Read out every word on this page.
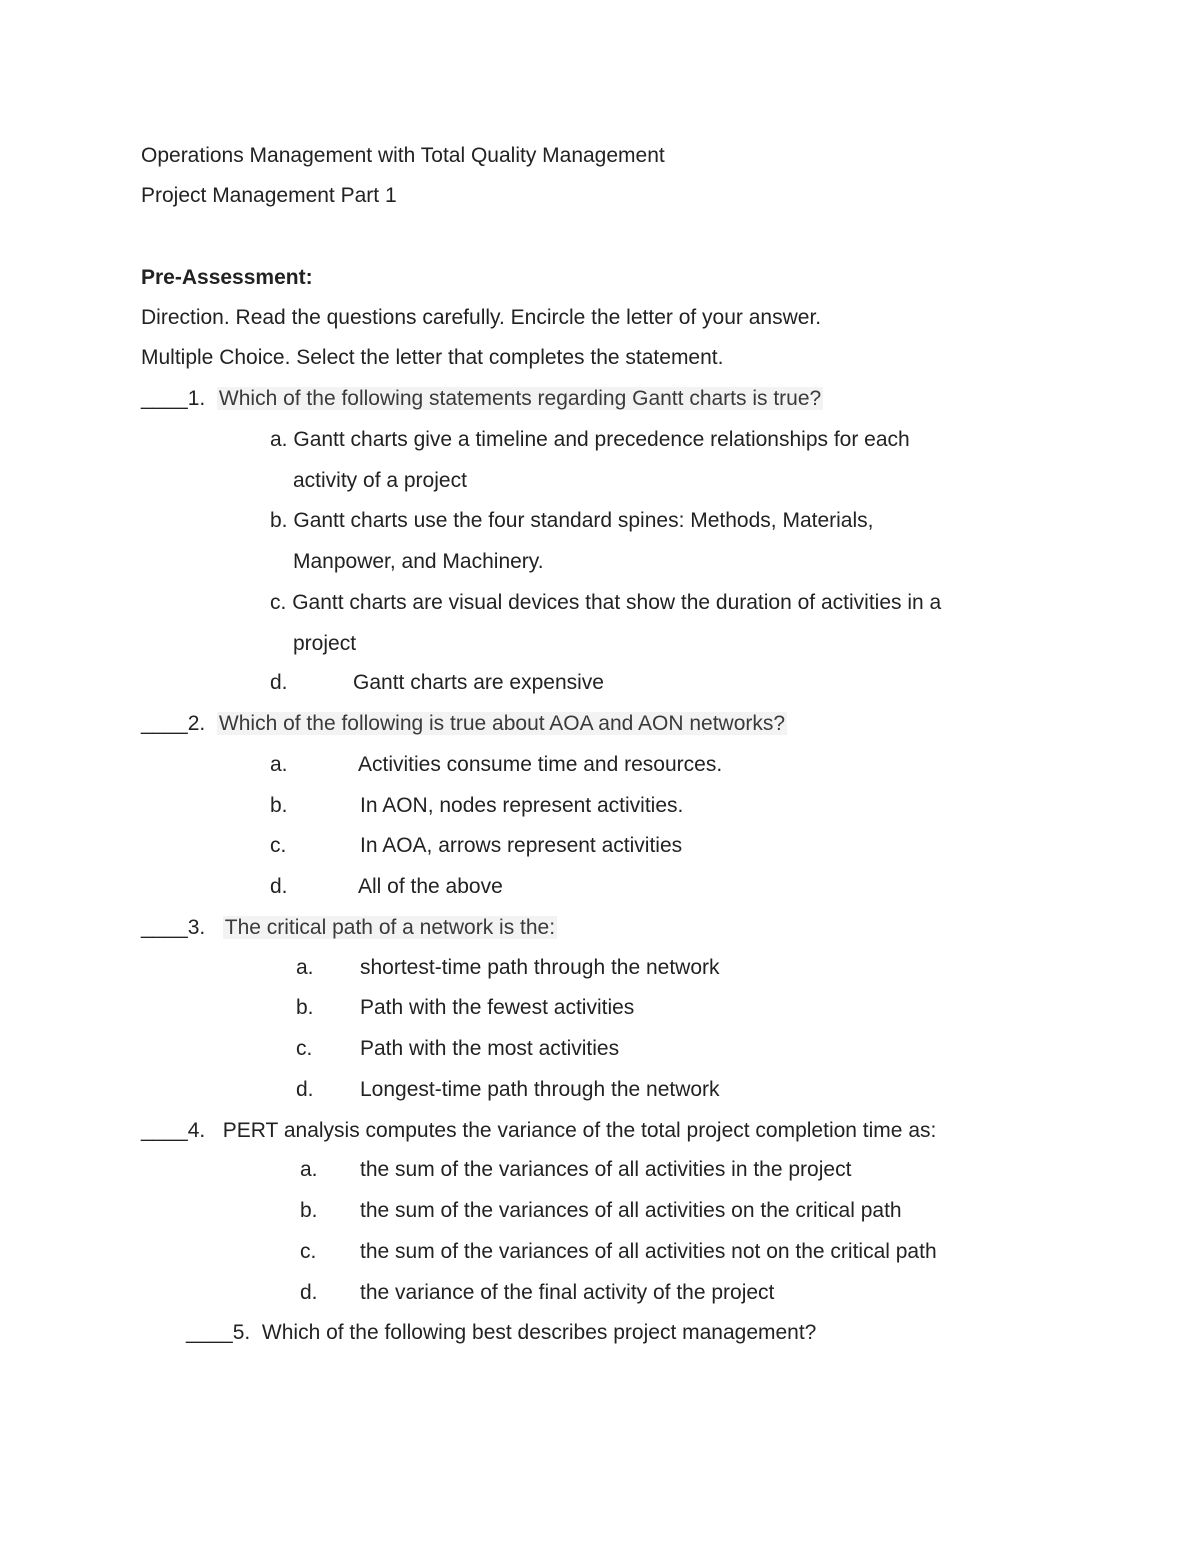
Operations Management with Total Quality Management
Project Management Part 1
Pre-Assessment:
Direction. Read the questions carefully. Encircle the letter of your answer.
Multiple Choice. Select the letter that completes the statement.
____1. Which of the following statements regarding Gantt charts is true?
a. Gantt charts give a timeline and precedence relationships for each
activity of a project
b. Gantt charts use the four standard spines: Methods, Materials,
Manpower, and Machinery.
c. Gantt charts are visual devices that show the duration of activities in a
project
d.	Gantt charts are expensive
____2. Which of the following is true about AOA and AON networks?
a.	Activities consume time and resources.
b.	In AON, nodes represent activities.
c.	In AOA, arrows represent activities
d.	All of the above
____3. The critical path of a network is the:
a. shortest-time path through the network
b. Path with the fewest activities
c. Path with the most activities
d. Longest-time path through the network
____4. PERT analysis computes the variance of the total project completion time as:
a. the sum of the variances of all activities in the project
b. the sum of the variances of all activities on the critical path
c. the sum of the variances of all activities not on the critical path
d. the variance of the final activity of the project
____5. Which of the following best describes project management?
